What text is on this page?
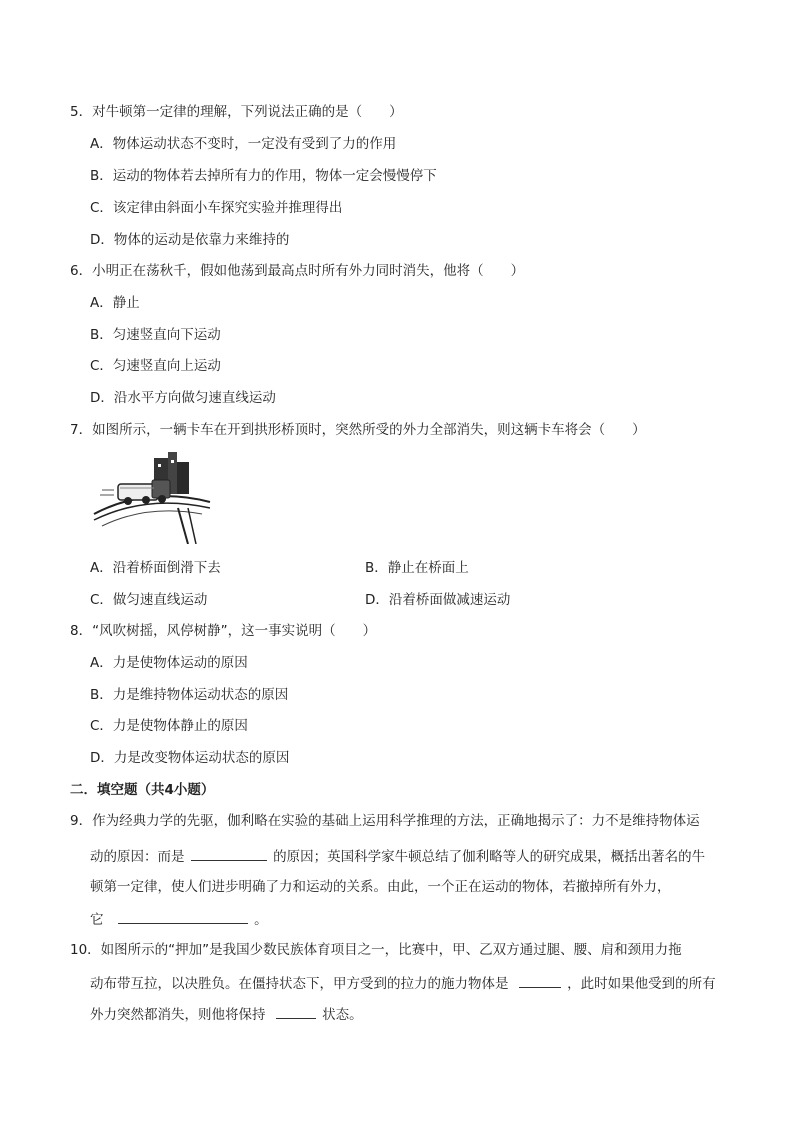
5．对牛顿第一定律的理解，下列说法正确的是（　　）
A．物体运动状态不变时，一定没有受到了力的作用
B．运动的物体若去掉所有力的作用，物体一定会慢慢停下
C．该定律由斜面小车探究实验并推理得出
D．物体的运动是依靠力来维持的
6．小明正在荡秋千，假如他荡到最高点时所有外力同时消失，他将（　　）
A．静止
B．匀速竖直向下运动
C．匀速竖直向上运动
D．沿水平方向做匀速直线运动
7．如图所示，一辆卡车在开到拱形桥顶时，突然所受的外力全部消失，则这辆卡车将会（　　）
A．沿着桥面倒滑下去	B．静止在桥面上
C．做匀速直线运动	D．沿着桥面做减速运动
8．“风吹树摇，风停树静”，这一事实说明（　　）
A．力是使物体运动的原因
B．力是维持物体运动状态的原因
C．力是使物体静止的原因
D．力是改变物体运动状态的原因
二．填空题（共4小题）
9．作为经典力学的先驱，伽利略在实验的基础上运用科学推理的方法，正确地揭示了：力不是维持物体运
动的原因：而是	的原因；英国科学家牛顿总结了伽利略等人的研究成果，概括出著名的牛
顿第一定律，使人们进步明确了力和运动的关系。由此，一个正在运动的物体，若撤掉所有外力，
它	。
10．如图所示的“押加”是我国少数民族体育项目之一，比赛中，甲、乙双方通过腿、腰、肩和颈用力拖
动布带互拉，以决胜负。在僵持状态下，甲方受到的拉力的施力物体是	，此时如果他受到的所有
外力突然都消失，则他将保持	状态。
